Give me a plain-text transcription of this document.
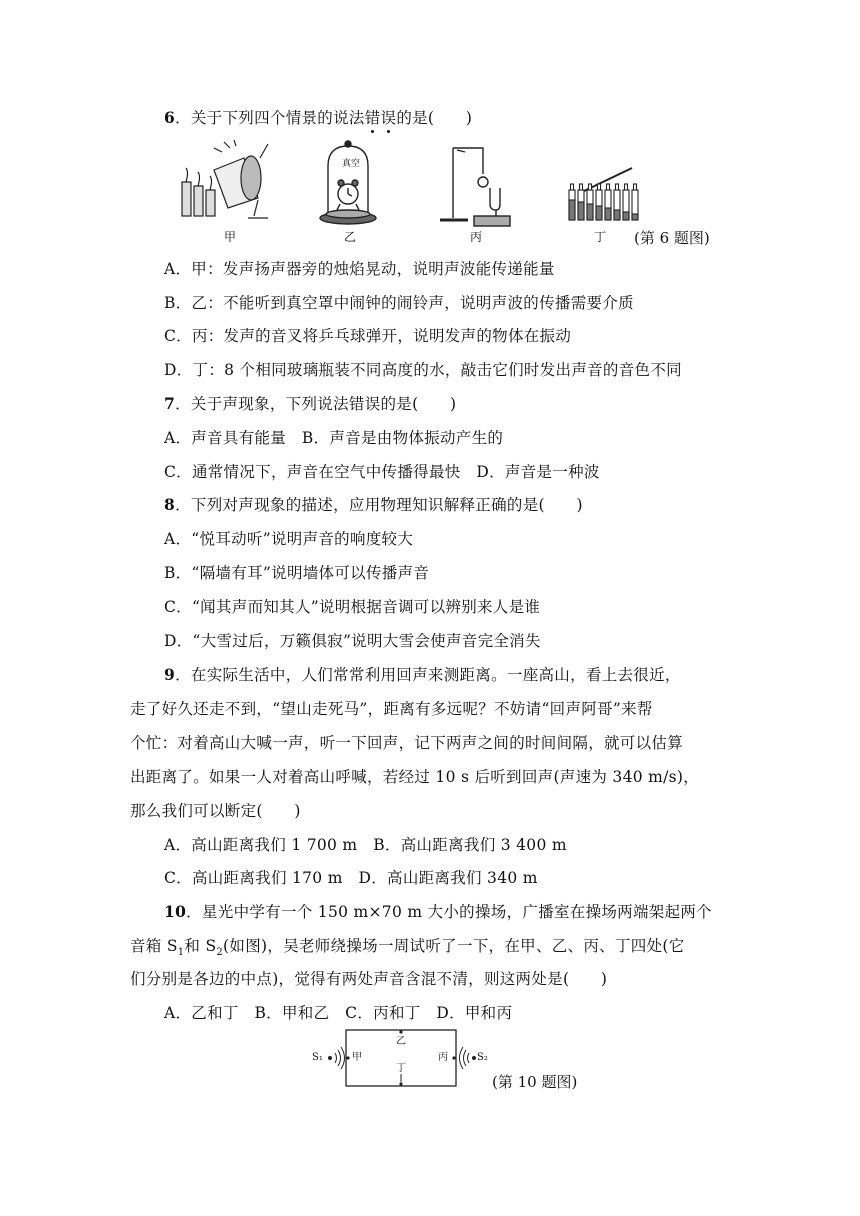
6．关于下列四个情景的说法错误的是(　　)
真空
甲	乙	丙	丁 (第 6 题图)
A．甲：发声扬声器旁的烛焰晃动，说明声波能传递能量
B．乙：不能听到真空罩中闹钟的闹铃声，说明声波的传播需要介质
C．丙：发声的音叉将乒乓球弹开，说明发声的物体在振动
D．丁：8 个相同玻璃瓶装不同高度的水，敲击它们时发出声音的音色不同
7．关于声现象，下列说法错误的是(　　)
A．声音具有能量　B．声音是由物体振动产生的
C．通常情况下，声音在空气中传播得最快　D．声音是一种波
8．下列对声现象的描述，应用物理知识解释正确的是(　　)
A．“悦耳动听”说明声音的响度较大
B．“隔墙有耳”说明墙体可以传播声音
C．“闻其声而知其人”说明根据音调可以辨别来人是谁
D．“大雪过后，万籁俱寂”说明大雪会使声音完全消失
9．在实际生活中，人们常常利用回声来测距离。一座高山，看上去很近，
走了好久还走不到，“望山走死马”，距离有多远呢？不妨请“回声阿哥”来帮
个忙：对着高山大喊一声，听一下回声，记下两声之间的时间间隔，就可以估算
出距离了。如果一人对着高山呼喊，若经过 10 s 后听到回声(声速为 340 m/s)，
那么我们可以断定(　　)
A．高山距离我们 1 700 m　B．高山距离我们 3 400 m
C．高山距离我们 170 m　D．高山距离我们 340 m
10．星光中学有一个 150 m×70 m 大小的操场，广播室在操场两端架起两个
音箱 $S_1$和 $S_2$(如图)，吴老师绕操场一周试听了一下，在甲、乙、丙、丁四处(它
们分别是各边的中点)，觉得有两处声音含混不清，则这两处是(　　)
A．乙和丁　B．甲和乙　C．丙和丁　D．甲和丙
S₁	S₂
甲
乙
丙
丁
(第 10 题图)
